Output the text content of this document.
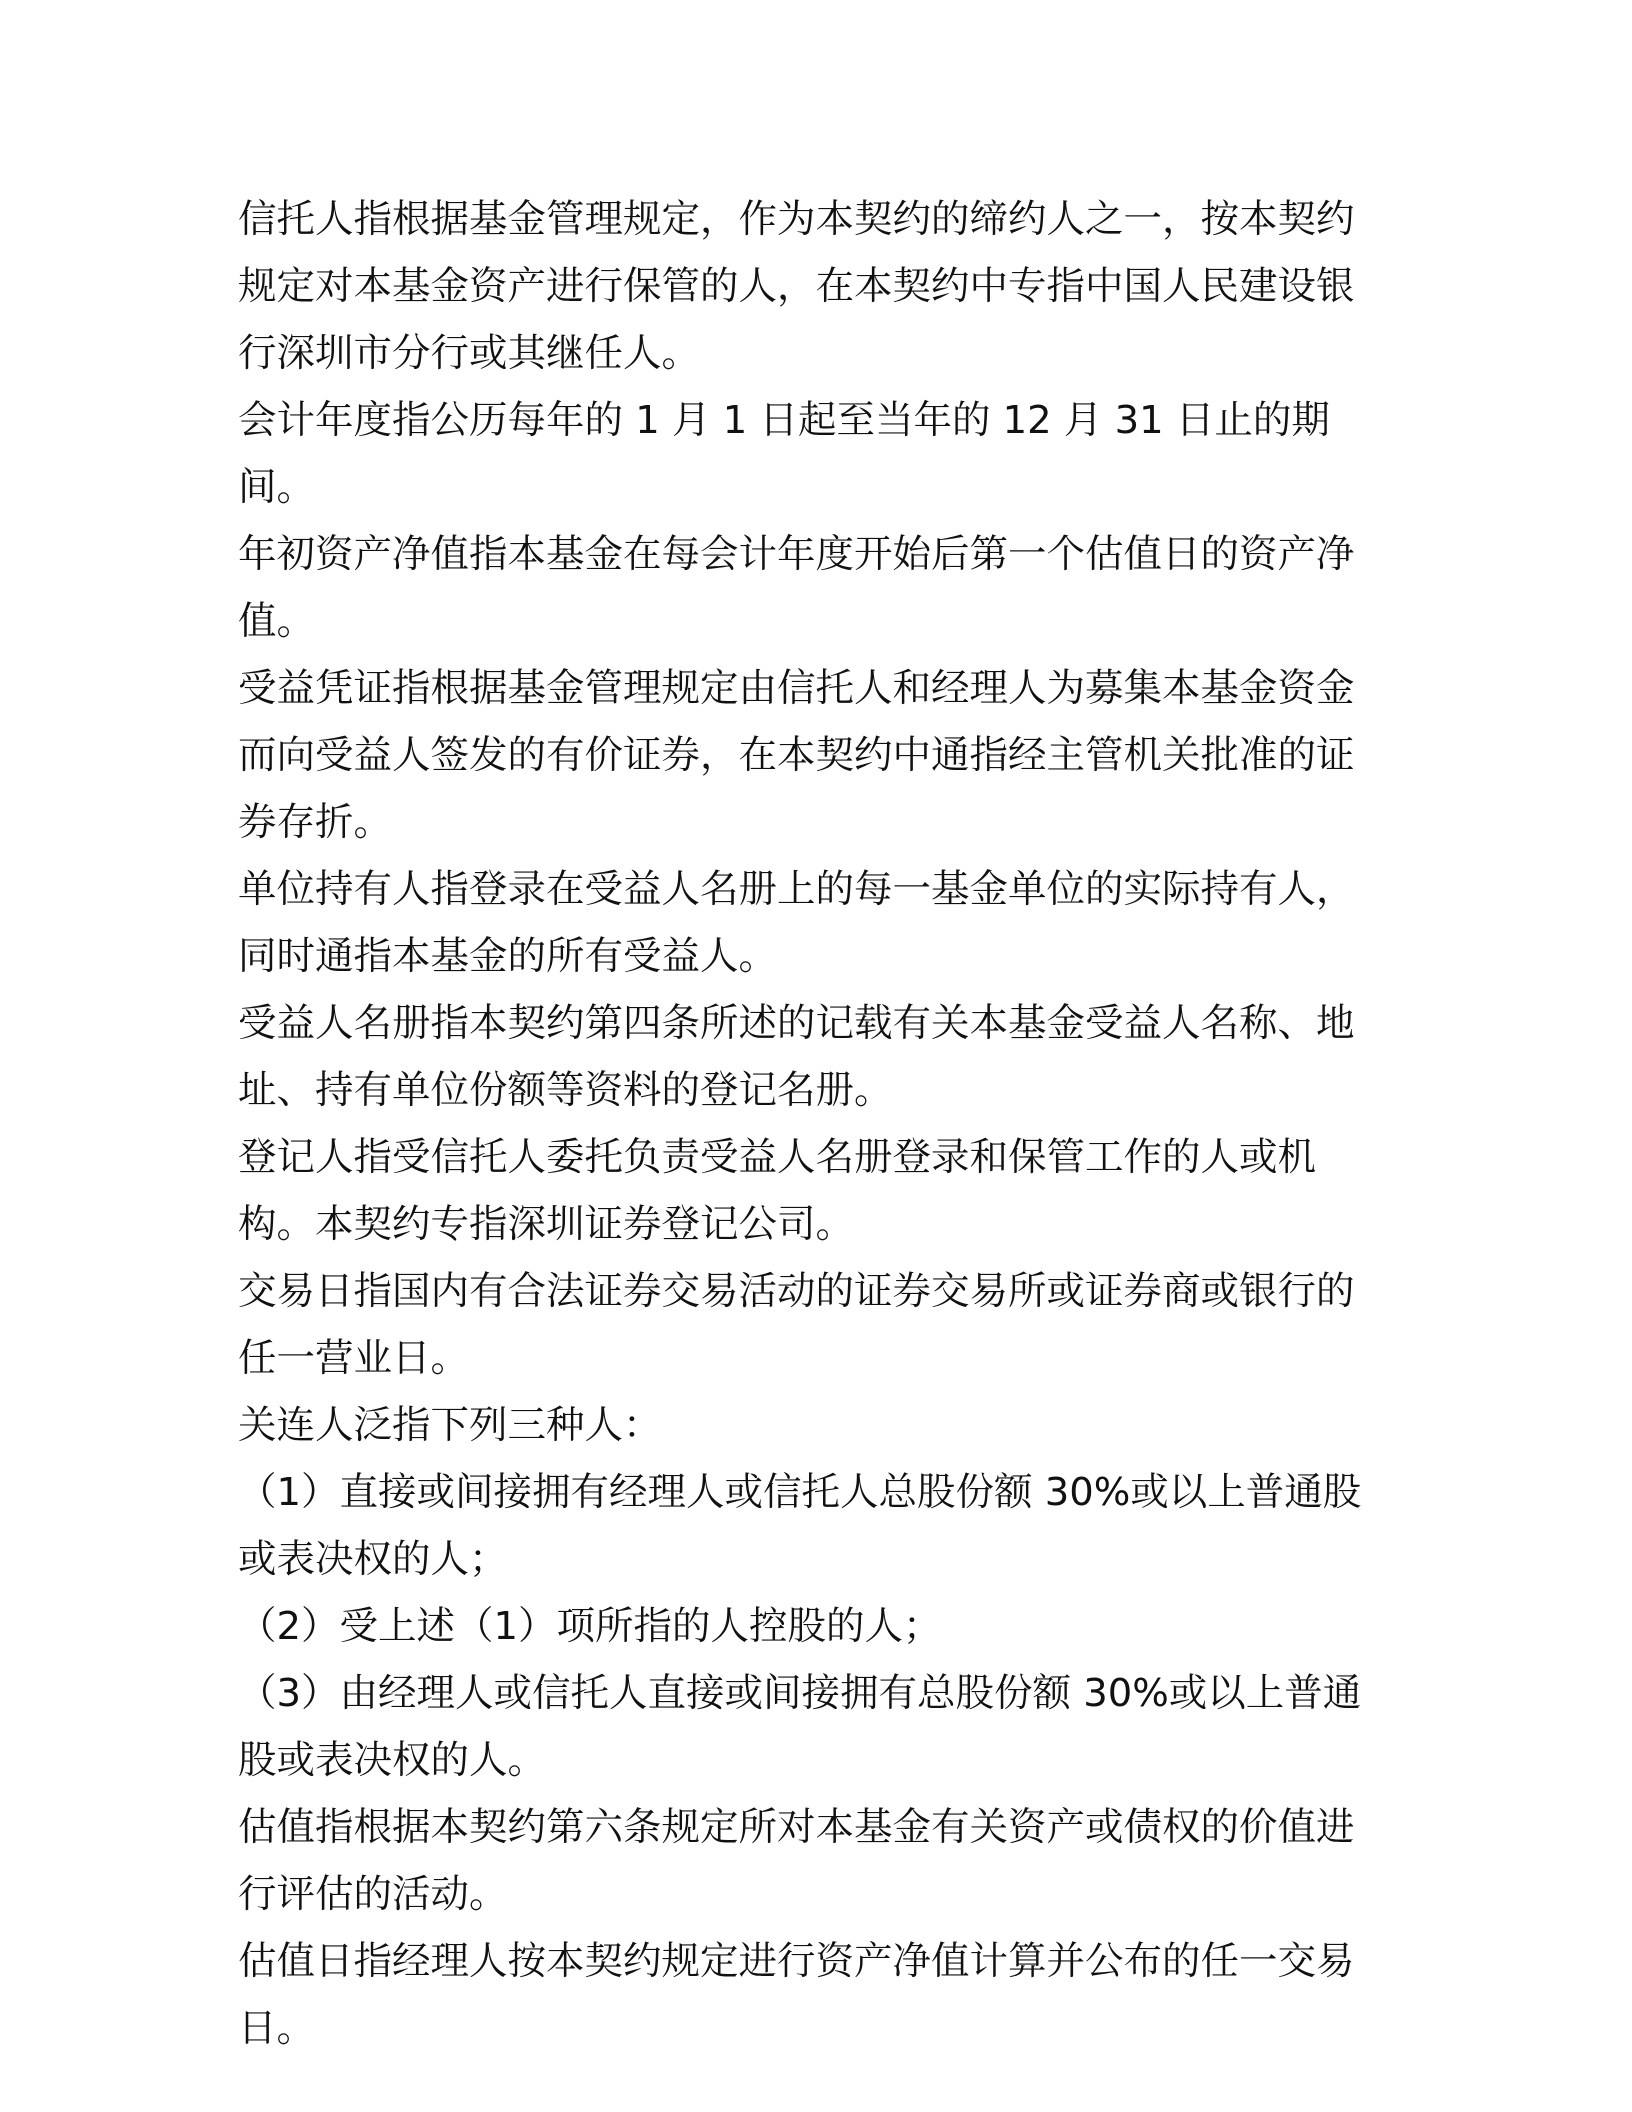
信托人指根据基金管理规定，作为本契约的缔约人之一，按本契约规定对本基金资产进行保管的人，在本契约中专指中国人民建设银行深圳市分行或其继任人。

会计年度指公历每年的 1 月 1 日起至当年的 12 月 31 日止的期间。

年初资产净值指本基金在每会计年度开始后第一个估值日的资产净值。

受益凭证指根据基金管理规定由信托人和经理人为募集本基金资金而向受益人签发的有价证券，在本契约中通指经主管机关批准的证券存折。

单位持有人指登录在受益人名册上的每一基金单位的实际持有人，同时通指本基金的所有受益人。

受益人名册指本契约第四条所述的记载有关本基金受益人名称、地址、持有单位份额等资料的登记名册。

登记人指受信托人委托负责受益人名册登录和保管工作的人或机构。本契约专指深圳证券登记公司。

交易日指国内有合法证券交易活动的证券交易所或证券商或银行的任一营业日。

关连人泛指下列三种人：

（1）直接或间接拥有经理人或信托人总股份额 30%或以上普通股或表决权的人；

（2）受上述（1）项所指的人控股的人；

（3）由经理人或信托人直接或间接拥有总股份额 30%或以上普通股或表决权的人。

估值指根据本契约第六条规定所对本基金有关资产或债权的价值进行评估的活动。

估值日指经理人按本契约规定进行资产净值计算并公布的任一交易日。
